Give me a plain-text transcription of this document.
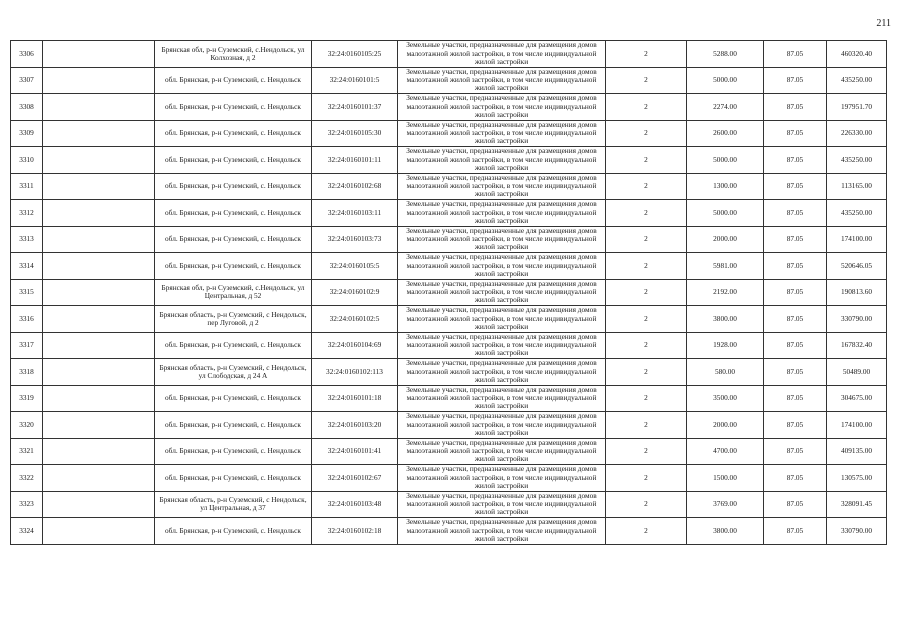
211
3306		Брянская обл, р-н Суземский, с.Нендольск, ул Колхозная, д 2	32:24:0160105:25	Земельные участки, предназначенные для размещения домов малоэтажной жилой застройки, в том числе индивидуальной жилой застройки	2	5288.00	87.05	460320.40
3307		обл. Брянская, р-н Суземский, с. Нендольск	32:24:0160101:5	Земельные участки, предназначенные для размещения домов малоэтажной жилой застройки, в том числе индивидуальной жилой застройки	2	5000.00	87.05	435250.00
3308		обл. Брянская, р-н Суземский, с. Нендольск	32:24:0160101:37	Земельные участки, предназначенные для размещения домов малоэтажной жилой застройки, в том числе индивидуальной жилой застройки	2	2274.00	87.05	197951.70
3309		обл. Брянская, р-н Суземский, с. Нендольск	32:24:0160105:30	Земельные участки, предназначенные для размещения домов малоэтажной жилой застройки, в том числе индивидуальной жилой застройки	2	2600.00	87.05	226330.00
3310		обл. Брянская, р-н Суземский, с. Нендольск	32:24:0160101:11	Земельные участки, предназначенные для размещения домов малоэтажной жилой застройки, в том числе индивидуальной жилой застройки	2	5000.00	87.05	435250.00
3311		обл. Брянская, р-н Суземский, с. Нендольск	32:24:0160102:68	Земельные участки, предназначенные для размещения домов малоэтажной жилой застройки, в том числе индивидуальной жилой застройки	2	1300.00	87.05	113165.00
3312		обл. Брянская, р-н Суземский, с. Нендольск	32:24:0160103:11	Земельные участки, предназначенные для размещения домов малоэтажной жилой застройки, в том числе индивидуальной жилой застройки	2	5000.00	87.05	435250.00
3313		обл. Брянская, р-н Суземский, с. Нендольск	32:24:0160103:73	Земельные участки, предназначенные для размещения домов малоэтажной жилой застройки, в том числе индивидуальной жилой застройки	2	2000.00	87.05	174100.00
3314		обл. Брянская, р-н Суземский, с. Нендольск	32:24:0160105:5	Земельные участки, предназначенные для размещения домов малоэтажной жилой застройки, в том числе индивидуальной жилой застройки	2	5981.00	87.05	520646.05
3315		Брянская обл, р-н Суземский, с.Нендольск, ул Центральная, д 52	32:24:0160102:9	Земельные участки, предназначенные для размещения домов малоэтажной жилой застройки, в том числе индивидуальной жилой застройки	2	2192.00	87.05	190813.60
3316		Брянская область, р-н Суземский, с Нендольск, пер Луговой, д 2	32:24:0160102:5	Земельные участки, предназначенные для размещения домов малоэтажной жилой застройки, в том числе индивидуальной жилой застройки	2	3800.00	87.05	330790.00
3317		обл. Брянская, р-н Суземский, с. Нендольск	32:24:0160104:69	Земельные участки, предназначенные для размещения домов малоэтажной жилой застройки, в том числе индивидуальной жилой застройки	2	1928.00	87.05	167832.40
3318		Брянская область, р-н Суземский, с Нендольск, ул Слободская, д 24 А	32:24:0160102:113	Земельные участки, предназначенные для размещения домов малоэтажной жилой застройки, в том числе индивидуальной жилой застройки	2	580.00	87.05	50489.00
3319		обл. Брянская, р-н Суземский, с. Нендольск	32:24:0160101:18	Земельные участки, предназначенные для размещения домов малоэтажной жилой застройки, в том числе индивидуальной жилой застройки	2	3500.00	87.05	304675.00
3320		обл. Брянская, р-н Суземский, с. Нендольск	32:24:0160103:20	Земельные участки, предназначенные для размещения домов малоэтажной жилой застройки, в том числе индивидуальной жилой застройки	2	2000.00	87.05	174100.00
3321		обл. Брянская, р-н Суземский, с. Нендольск	32:24:0160101:41	Земельные участки, предназначенные для размещения домов малоэтажной жилой застройки, в том числе индивидуальной жилой застройки	2	4700.00	87.05	409135.00
3322		обл. Брянская, р-н Суземский, с. Нендольск	32:24:0160102:67	Земельные участки, предназначенные для размещения домов малоэтажной жилой застройки, в том числе индивидуальной жилой застройки	2	1500.00	87.05	130575.00
3323		Брянская область, р-н Суземский, с Нендольск, ул Центральная, д 37	32:24:0160103:48	Земельные участки, предназначенные для размещения домов малоэтажной жилой застройки, в том числе индивидуальной жилой застройки	2	3769.00	87.05	328091.45
3324		обл. Брянская, р-н Суземский, с. Нендольск	32:24:0160102:18	Земельные участки, предназначенные для размещения домов малоэтажной жилой застройки, в том числе индивидуальной жилой застройки	2	3800.00	87.05	330790.00
